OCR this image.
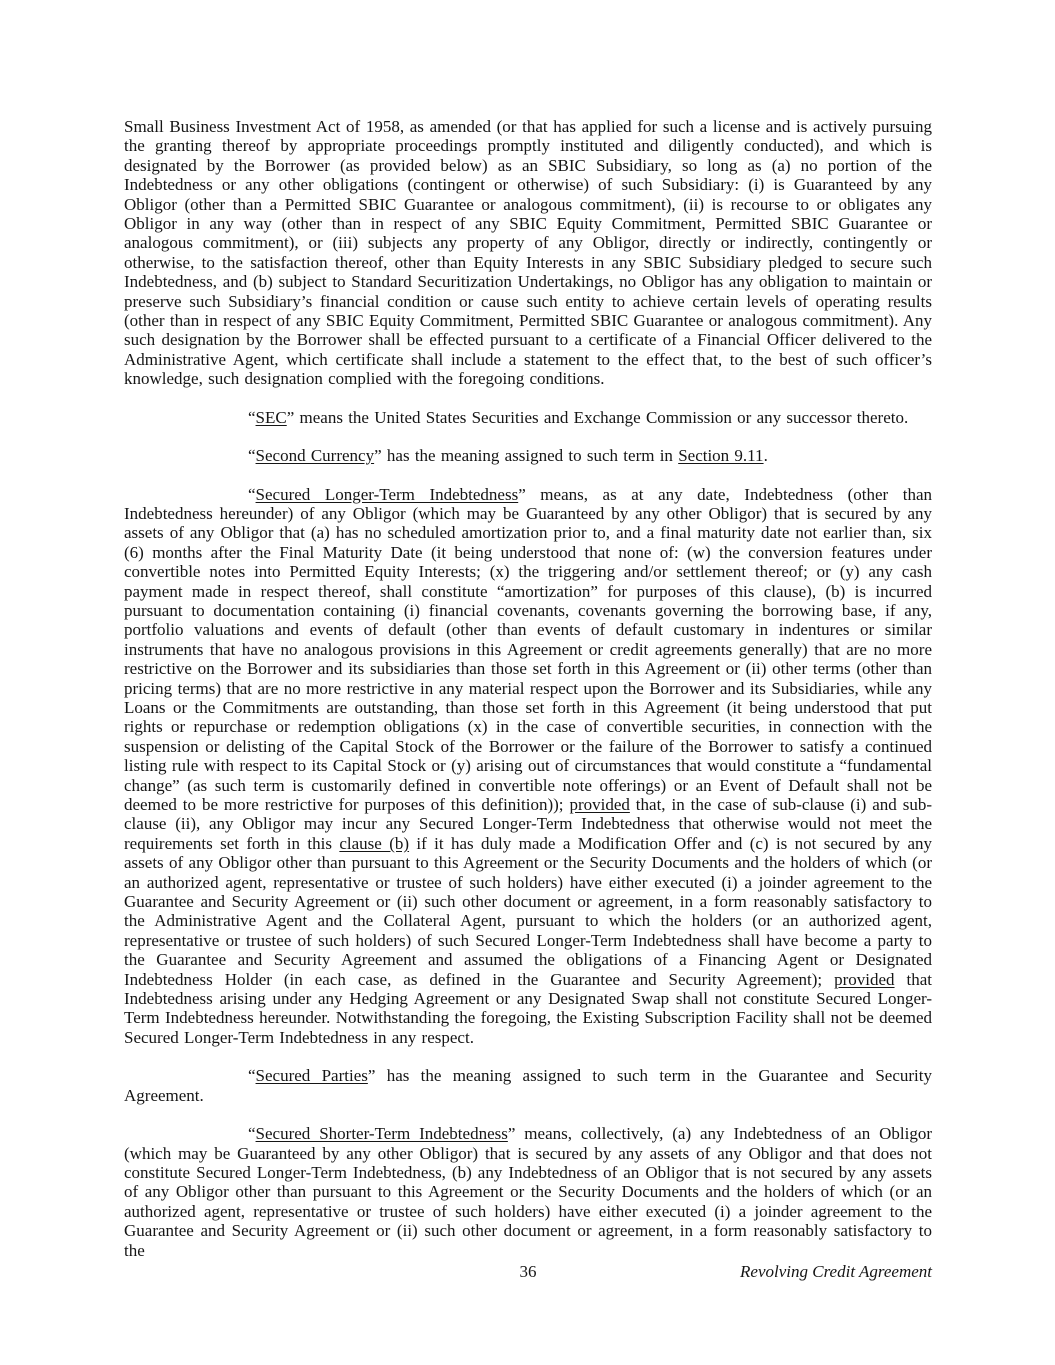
Small Business Investment Act of 1958, as amended (or that has applied for such a license and is actively pursuing the granting thereof by appropriate proceedings promptly instituted and diligently conducted), and which is designated by the Borrower (as provided below) as an SBIC Subsidiary, so long as (a) no portion of the Indebtedness or any other obligations (contingent or otherwise) of such Subsidiary: (i) is Guaranteed by any Obligor (other than a Permitted SBIC Guarantee or analogous commitment), (ii) is recourse to or obligates any Obligor in any way (other than in respect of any SBIC Equity Commitment, Permitted SBIC Guarantee or analogous commitment), or (iii) subjects any property of any Obligor, directly or indirectly, contingently or otherwise, to the satisfaction thereof, other than Equity Interests in any SBIC Subsidiary pledged to secure such Indebtedness, and (b) subject to Standard Securitization Undertakings, no Obligor has any obligation to maintain or preserve such Subsidiary’s financial condition or cause such entity to achieve certain levels of operating results (other than in respect of any SBIC Equity Commitment, Permitted SBIC Guarantee or analogous commitment). Any such designation by the Borrower shall be effected pursuant to a certificate of a Financial Officer delivered to the Administrative Agent, which certificate shall include a statement to the effect that, to the best of such officer’s knowledge, such designation complied with the foregoing conditions.

“SEC” means the United States Securities and Exchange Commission or any successor thereto.

“Second Currency” has the meaning assigned to such term in Section 9.11.

“Secured Longer-Term Indebtedness” means, as at any date, Indebtedness (other than Indebtedness hereunder) of any Obligor (which may be Guaranteed by any other Obligor) that is secured by any assets of any Obligor that (a) has no scheduled amortization prior to, and a final maturity date not earlier than, six (6) months after the Final Maturity Date (it being understood that none of: (w) the conversion features under convertible notes into Permitted Equity Interests; (x) the triggering and/or settlement thereof; or (y) any cash payment made in respect thereof, shall constitute “amortization” for purposes of this clause), (b) is incurred pursuant to documentation containing (i) financial covenants, covenants governing the borrowing base, if any, portfolio valuations and events of default (other than events of default customary in indentures or similar instruments that have no analogous provisions in this Agreement or credit agreements generally) that are no more restrictive on the Borrower and its subsidiaries than those set forth in this Agreement or (ii) other terms (other than pricing terms) that are no more restrictive in any material respect upon the Borrower and its Subsidiaries, while any Loans or the Commitments are outstanding, than those set forth in this Agreement (it being understood that put rights or repurchase or redemption obligations (x) in the case of convertible securities, in connection with the suspension or delisting of the Capital Stock of the Borrower or the failure of the Borrower to satisfy a continued listing rule with respect to its Capital Stock or (y) arising out of circumstances that would constitute a “fundamental change” (as such term is customarily defined in convertible note offerings) or an Event of Default shall not be deemed to be more restrictive for purposes of this definition)); provided that, in the case of sub-clause (i) and sub-clause (ii), any Obligor may incur any Secured Longer-Term Indebtedness that otherwise would not meet the requirements set forth in this clause (b) if it has duly made a Modification Offer and (c) is not secured by any assets of any Obligor other than pursuant to this Agreement or the Security Documents and the holders of which (or an authorized agent, representative or trustee of such holders) have either executed (i) a joinder agreement to the Guarantee and Security Agreement or (ii) such other document or agreement, in a form reasonably satisfactory to the Administrative Agent and the Collateral Agent, pursuant to which the holders (or an authorized agent, representative or trustee of such holders) of such Secured Longer-Term Indebtedness shall have become a party to the Guarantee and Security Agreement and assumed the obligations of a Financing Agent or Designated Indebtedness Holder (in each case, as defined in the Guarantee and Security Agreement); provided that Indebtedness arising under any Hedging Agreement or any Designated Swap shall not constitute Secured Longer-Term Indebtedness hereunder. Notwithstanding the foregoing, the Existing Subscription Facility shall not be deemed Secured Longer-Term Indebtedness in any respect.

“Secured Parties” has the meaning assigned to such term in the Guarantee and Security Agreement.

“Secured Shorter-Term Indebtedness” means, collectively, (a) any Indebtedness of an Obligor (which may be Guaranteed by any other Obligor) that is secured by any assets of any Obligor and that does not constitute Secured Longer-Term Indebtedness, (b) any Indebtedness of an Obligor that is not secured by any assets of any Obligor other than pursuant to this Agreement or the Security Documents and the holders of which (or an authorized agent, representative or trustee of such holders) have either executed (i) a joinder agreement to the Guarantee and Security Agreement or (ii) such other document or agreement, in a form reasonably satisfactory to the

36	Revolving Credit Agreement
